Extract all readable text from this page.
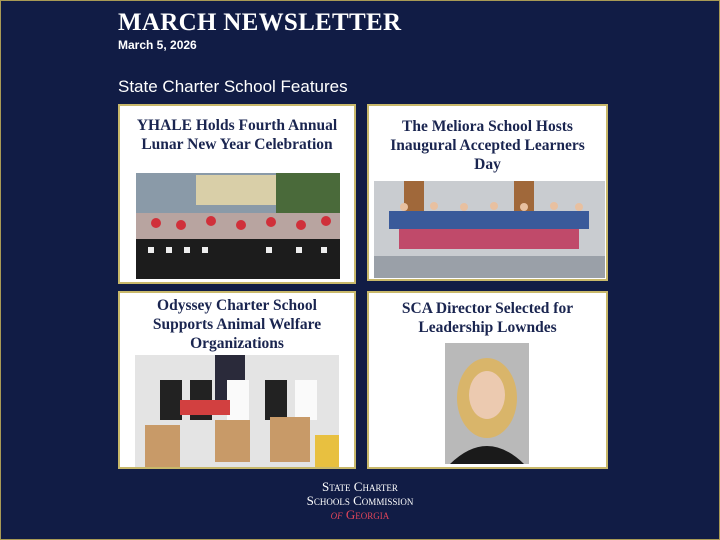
MARCH NEWSLETTER
March 5, 2026
State Charter School Features
YHALE Holds Fourth Annual Lunar New Year Celebration
The Meliora School Hosts Inaugural Accepted Learners Day
Odyssey Charter School Supports Animal Welfare Organizations
SCA Director Selected for Leadership Lowndes
State Charter
Schools Commission
of Georgia
